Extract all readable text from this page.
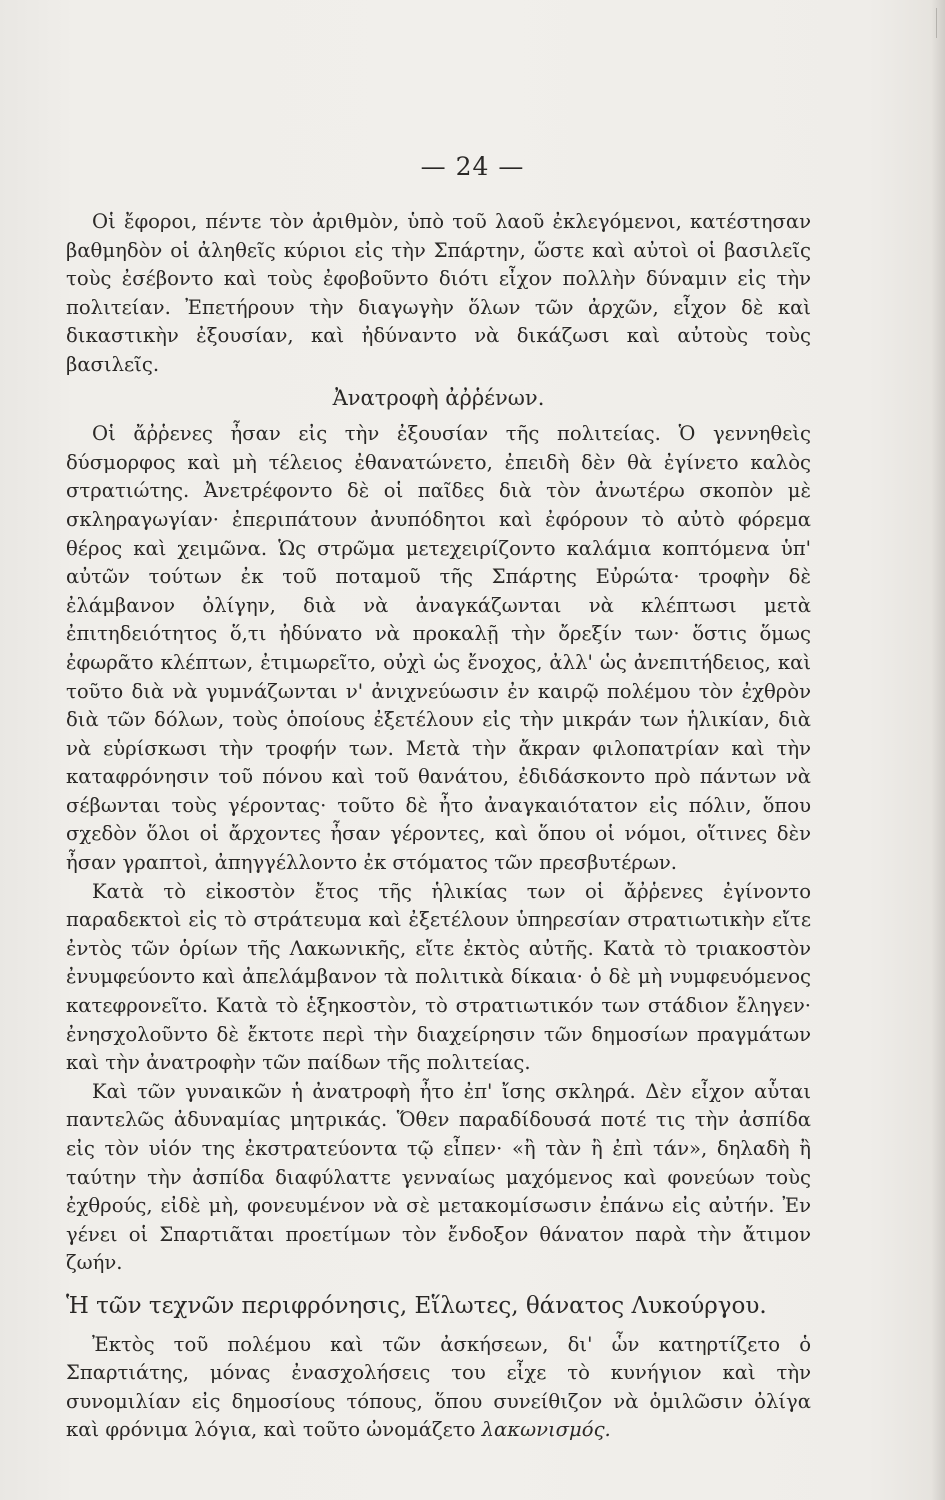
— 24 —

Οἱ ἔφοροι, πέντε τὸν ἀριθμὸν, ὑπὸ τοῦ λαοῦ ἐκλεγόμενοι, κατέστησαν βαθμηδὸν οἱ ἀληθεῖς κύριοι εἰς τὴν Σπάρτην, ὥστε καὶ αὐτοὶ οἱ βασιλεῖς τοὺς ἐσέβοντο καὶ τοὺς ἐφοβοῦντο διότι εἶχον πολλὴν δύναμιν εἰς τὴν πολιτείαν. Ἐπετήρουν τὴν διαγωγὴν ὅλων τῶν ἀρχῶν, εἶχον δὲ καὶ δικαστικὴν ἐξουσίαν, καὶ ἠδύναντο νὰ δικάζωσι καὶ αὐτοὺς τοὺς βασιλεῖς.

Ἀνατροφὴ ἀῤῥένων.

Οἱ ἄῤῥενες ἦσαν εἰς τὴν ἐξουσίαν τῆς πολιτείας. Ὁ γεννηθεὶς δύσμορφος καὶ μὴ τέλειος ἐθανατώνετο, ἐπειδὴ δὲν θὰ ἐγίνετο καλὸς στρατιώτης. Ἀνετρέφοντο δὲ οἱ παῖδες διὰ τὸν ἀνωτέρω σκοπὸν μὲ σκληραγωγίαν· ἐπεριπάτουν ἀνυπόδητοι καὶ ἐφόρουν τὸ αὐτὸ φόρεμα θέρος καὶ χειμῶνα. Ὡς στρῶμα μετεχειρίζοντο καλάμια κοπτόμενα ὑπ' αὐτῶν τούτων ἐκ τοῦ ποταμοῦ τῆς Σπάρτης Εὐρώτα· τροφὴν δὲ ἐλάμβανον ὀλίγην, διὰ νὰ ἀναγκάζωνται νὰ κλέπτωσι μετὰ ἐπιτηδειότητος ὅ,τι ἠδύνατο νὰ προκαλῇ τὴν ὄρεξίν των· ὅστις ὅμως ἐφωρᾶτο κλέπτων, ἐτιμωρεῖτο, οὐχὶ ὡς ἔνοχος, ἀλλ' ὡς ἀνεπιτήδειος, καὶ τοῦτο διὰ νὰ γυμνάζωνται ν' ἀνιχνεύωσιν ἐν καιρῷ πολέμου τὸν ἐχθρὸν διὰ τῶν δόλων, τοὺς ὁποίους ἐξετέλουν εἰς τὴν μικράν των ἡλικίαν, διὰ νὰ εὑρίσκωσι τὴν τροφήν των. Μετὰ τὴν ἄκραν φιλοπατρίαν καὶ τὴν καταφρόνησιν τοῦ πόνου καὶ τοῦ θανάτου, ἐδιδάσκοντο πρὸ πάντων νὰ σέβωνται τοὺς γέροντας· τοῦτο δὲ ἦτο ἀναγκαιότατον εἰς πόλιν, ὅπου σχεδὸν ὅλοι οἱ ἄρχοντες ἦσαν γέροντες, καὶ ὅπου οἱ νόμοι, οἵτινες δὲν ἦσαν γραπτοὶ, ἀπηγγέλλοντο ἐκ στόματος τῶν πρεσβυτέρων.

Κατὰ τὸ εἰκοστὸν ἔτος τῆς ἡλικίας των οἱ ἄῤῥενες ἐγίνοντο παραδεκτοὶ εἰς τὸ στράτευμα καὶ ἐξετέλουν ὑπηρεσίαν στρατιωτικὴν εἴτε ἐντὸς τῶν ὁρίων τῆς Λακωνικῆς, εἴτε ἐκτὸς αὐτῆς. Κατὰ τὸ τριακοστὸν ἐνυμφεύοντο καὶ ἀπελάμβανον τὰ πολιτικὰ δίκαια· ὁ δὲ μὴ νυμφευόμενος κατεφρονεῖτο. Κατὰ τὸ ἑξηκοστὸν, τὸ στρατιωτικόν των στάδιον ἔληγεν· ἐνησχολοῦντο δὲ ἔκτοτε περὶ τὴν διαχείρησιν τῶν δημοσίων πραγμάτων καὶ τὴν ἀνατροφὴν τῶν παίδων τῆς πολιτείας.

Καὶ τῶν γυναικῶν ἡ ἀνατροφὴ ἦτο ἐπ' ἴσης σκληρά. Δὲν εἶχον αὗται παντελῶς ἀδυναμίας μητρικάς. Ὅθεν παραδίδουσά ποτέ τις τὴν ἀσπίδα εἰς τὸν υἱόν της ἐκστρατεύοντα τῷ εἶπεν· «ἢ τὰν ἢ ἐπὶ τάν», δηλαδὴ ἢ ταύτην τὴν ἀσπίδα διαφύλαττε γενναίως μαχόμενος καὶ φονεύων τοὺς ἐχθρούς, εἰδὲ μὴ, φονευμένον νὰ σὲ μετακομίσωσιν ἐπάνω εἰς αὐτήν. Ἐν γένει οἱ Σπαρτιᾶται προετίμων τὸν ἔνδοξον θάνατον παρὰ τὴν ἄτιμον ζωήν.

Ἡ τῶν τεχνῶν περιφρόνησις, Εἵλωτες, θάνατος Λυκούργου.

Ἐκτὸς τοῦ πολέμου καὶ τῶν ἀσκήσεων, δι' ὧν κατηρτίζετο ὁ Σπαρτιάτης, μόνας ἐνασχολήσεις του εἶχε τὸ κυνήγιον καὶ τὴν συνομιλίαν εἰς δημοσίους τόπους, ὅπου συνείθιζον νὰ ὁμιλῶσιν ὀλίγα καὶ φρόνιμα λόγια, καὶ τοῦτο ὠνομάζετο λακωνισμός.
